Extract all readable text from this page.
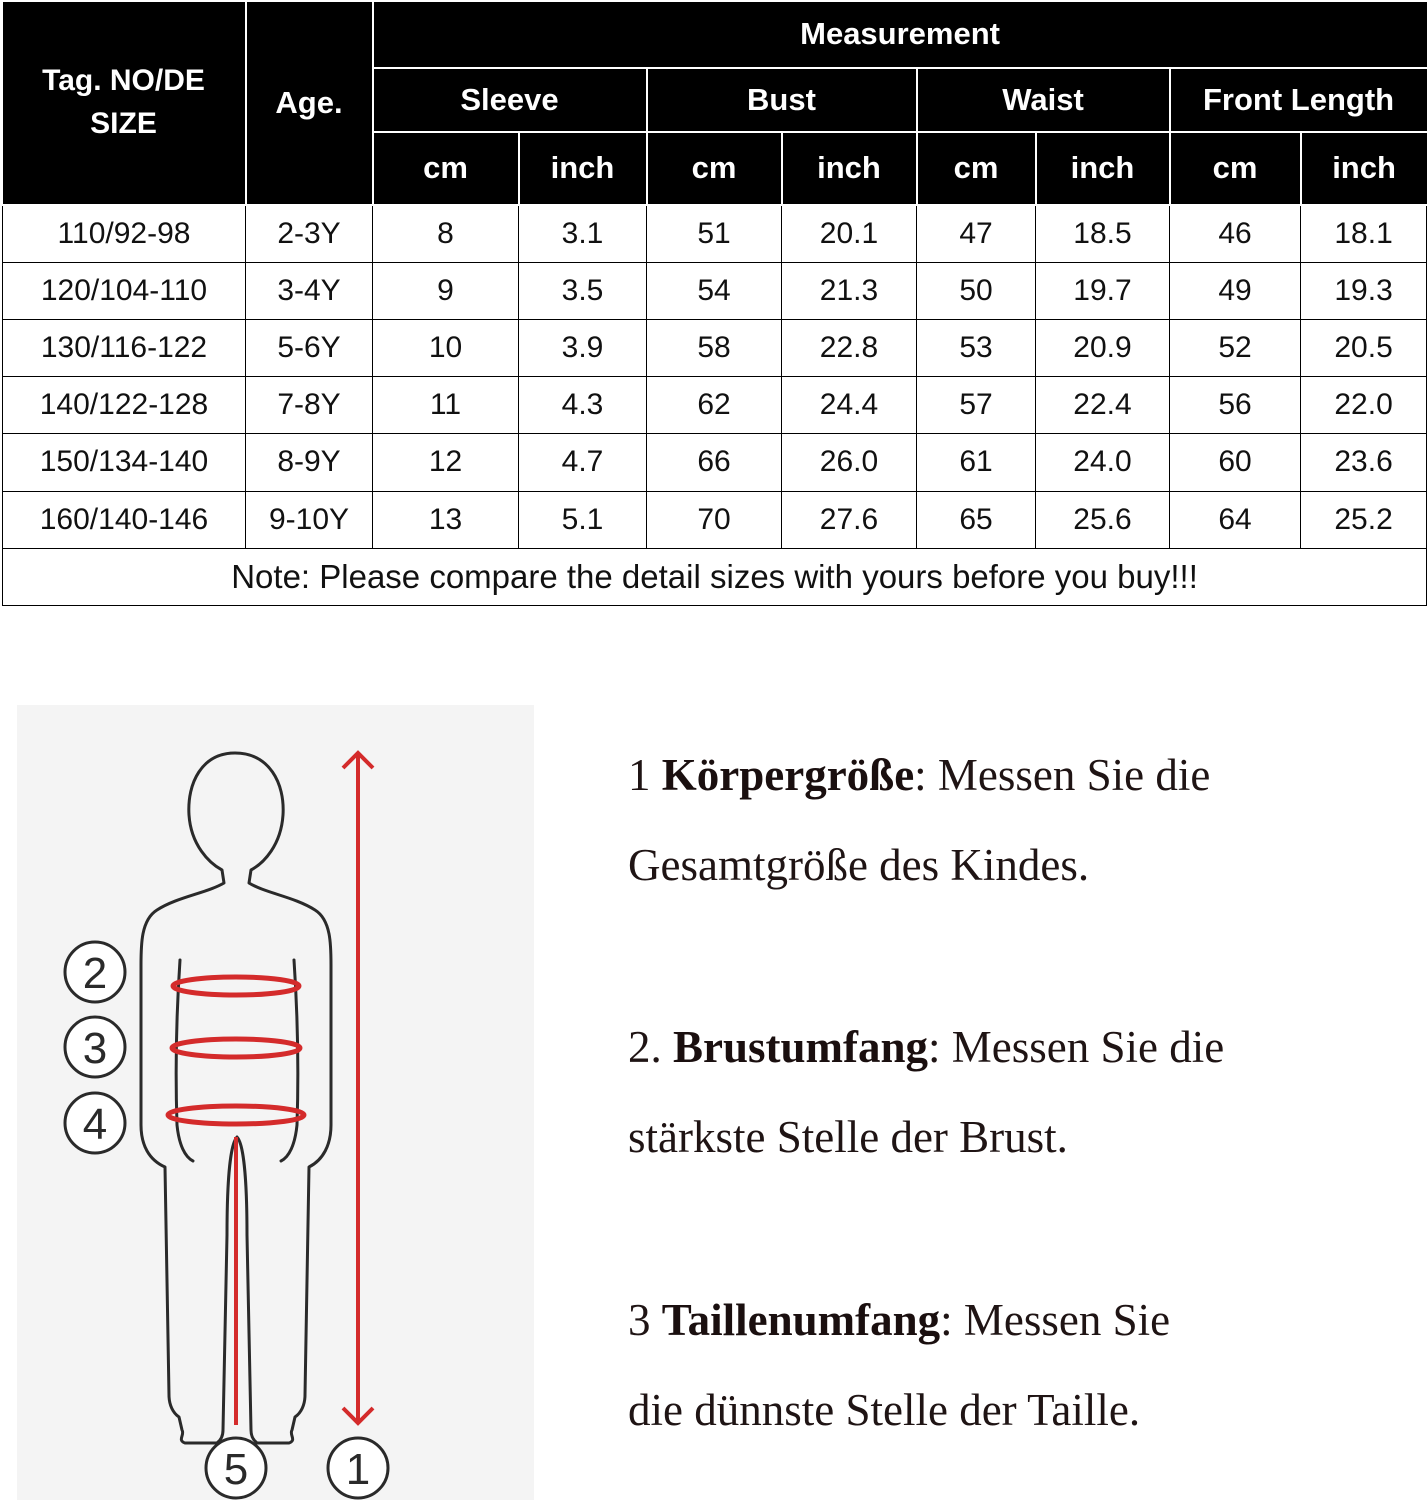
Tag. NO/DE SIZE	Age.	Measurement							
		Sleeve		Bust		Waist		Front Length	
		cm	inch	cm	inch	cm	inch	cm	inch
110/92-98	2-3Y	8	3.1	51	20.1	47	18.5	46	18.1
120/104-110	3-4Y	9	3.5	54	21.3	50	19.7	49	19.3
130/116-122	5-6Y	10	3.9	58	22.8	53	20.9	52	20.5
140/122-128	7-8Y	11	4.3	62	24.4	57	22.4	56	22.0
150/134-140	8-9Y	12	4.7	66	26.0	61	24.0	60	23.6
160/140-146	9-10Y	13	5.1	70	27.6	65	25.6	64	25.2
Note: Please compare the detail sizes with yours before you buy!!!									
2
3
4
5 1

1 Körpergröße: Messen Sie die
Gesamtgröße des Kindes.

2. Brustumfang: Messen Sie die
stärkste Stelle der Brust.

3 Taillenumfang: Messen Sie
die dünnste Stelle der Taille.
